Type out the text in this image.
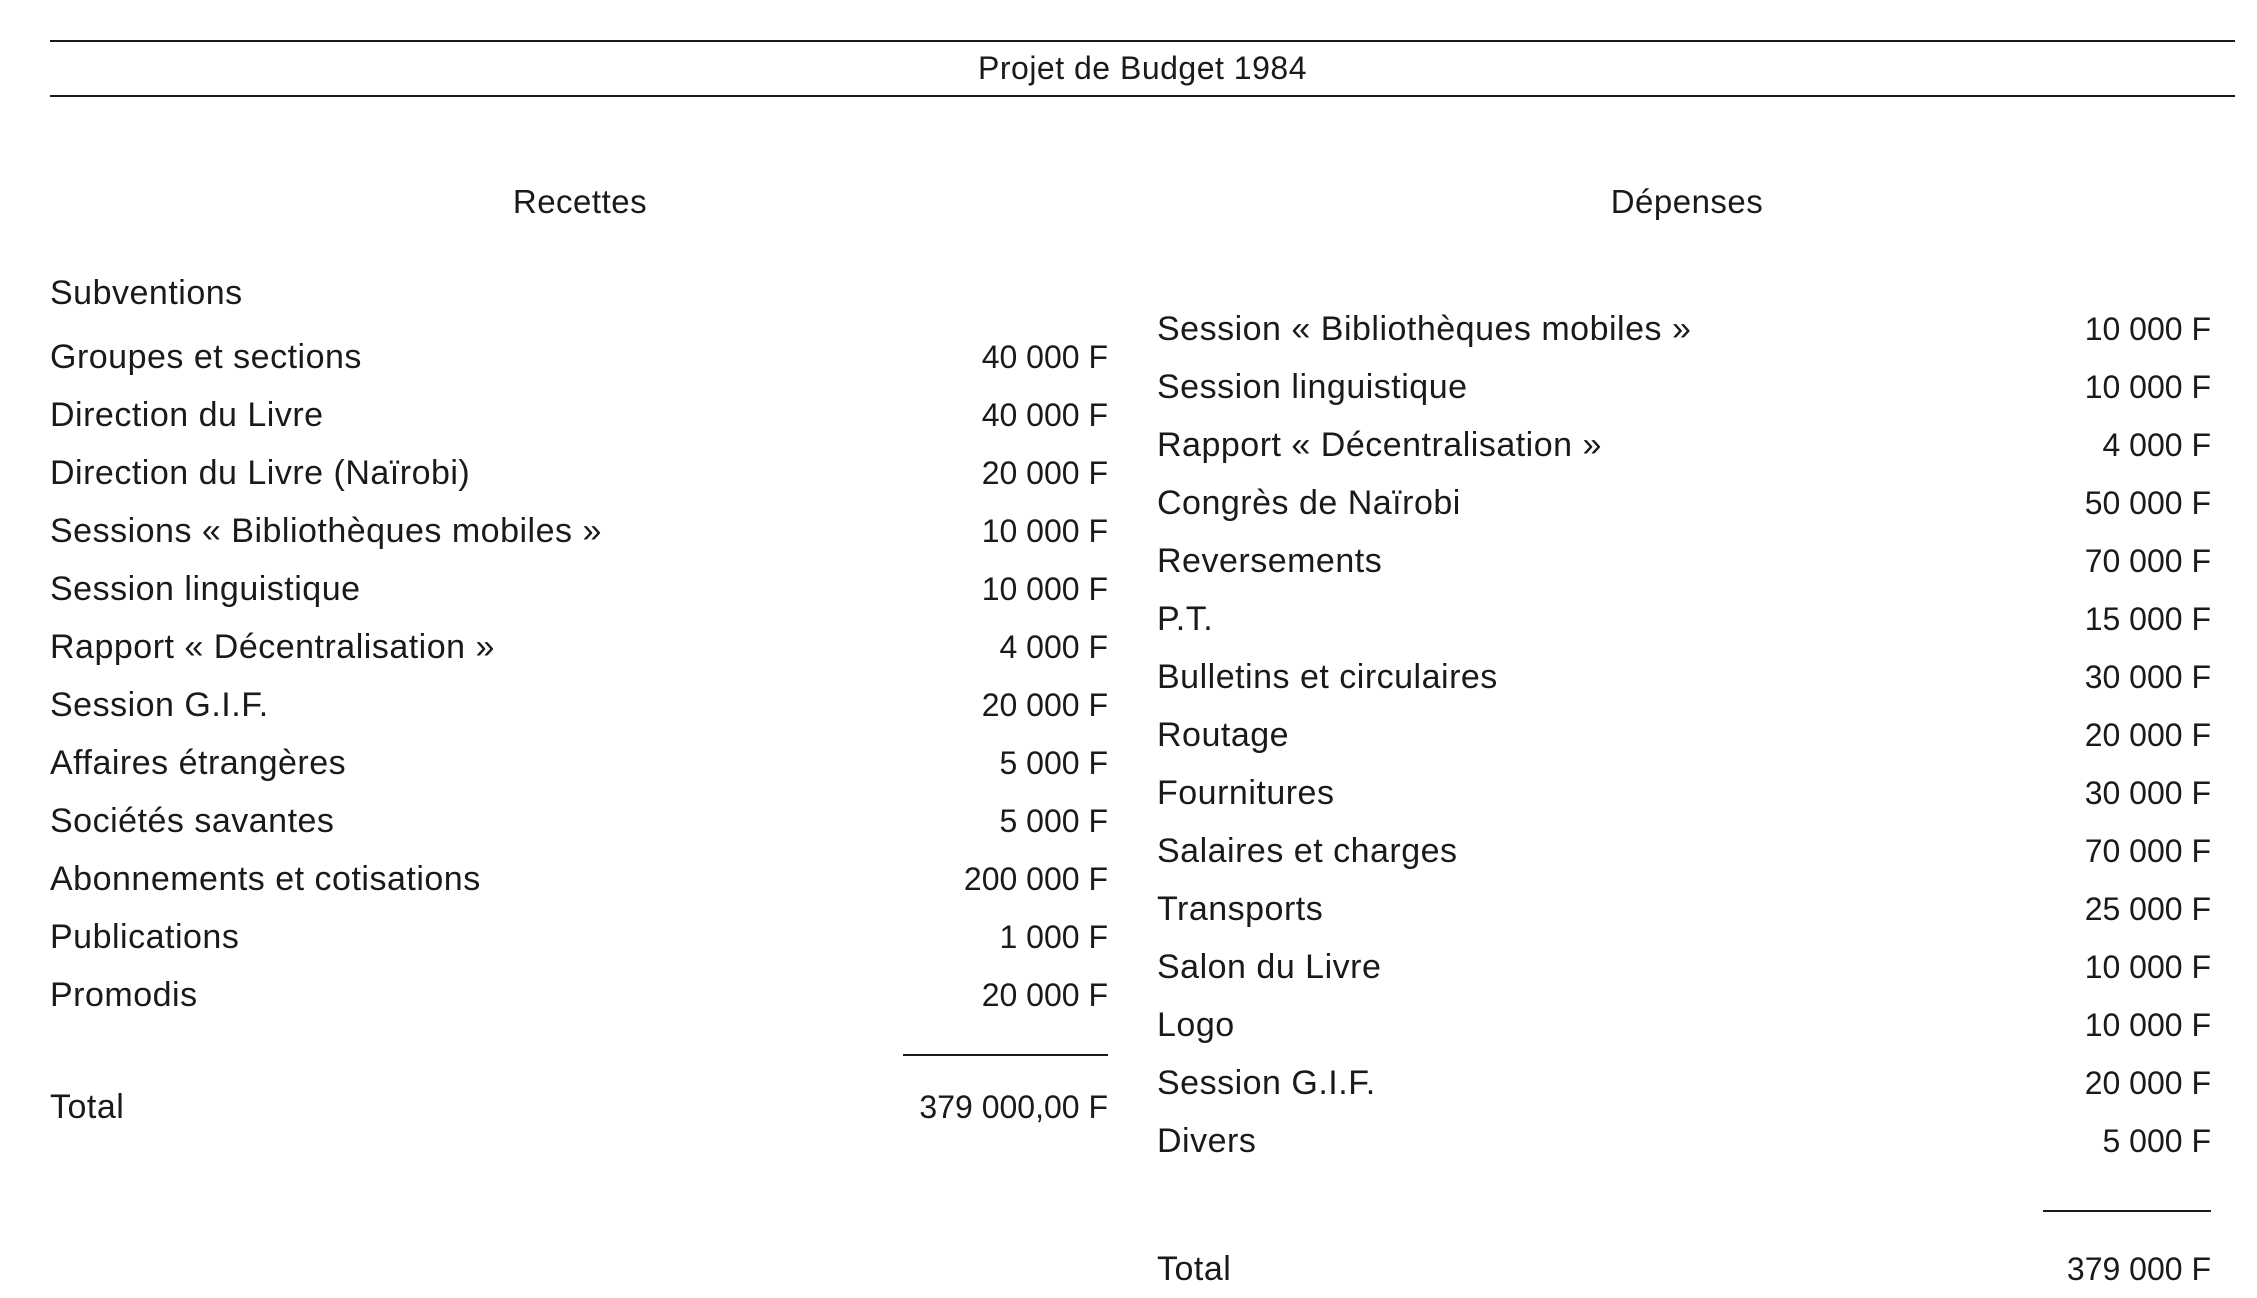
Projet de Budget 1984
Recettes	Dépenses
Subventions
Groupes et sections	40 000 F
Direction du Livre	40 000 F
Direction du Livre (Naïrobi)	20 000 F
Sessions « Bibliothèques mobiles »	10 000 F
Session linguistique	10 000 F
Rapport « Décentralisation »	4 000 F
Session G.I.F.	20 000 F
Affaires étrangères	5 000 F
Sociétés savantes	5 000 F
Abonnements et cotisations	200 000 F
Publications	1 000 F
Promodis	20 000 F
Total	379 000,00 F
Session « Bibliothèques mobiles »	10 000 F
Session linguistique	10 000 F
Rapport « Décentralisation »	4 000 F
Congrès de Naïrobi	50 000 F
Reversements	70 000 F
P.T.	15 000 F
Bulletins et circulaires	30 000 F
Routage	20 000 F
Fournitures	30 000 F
Salaires et charges	70 000 F
Transports	25 000 F
Salon du Livre	10 000 F
Logo	10 000 F
Session G.I.F.	20 000 F
Divers	5 000 F
Total	379 000 F
